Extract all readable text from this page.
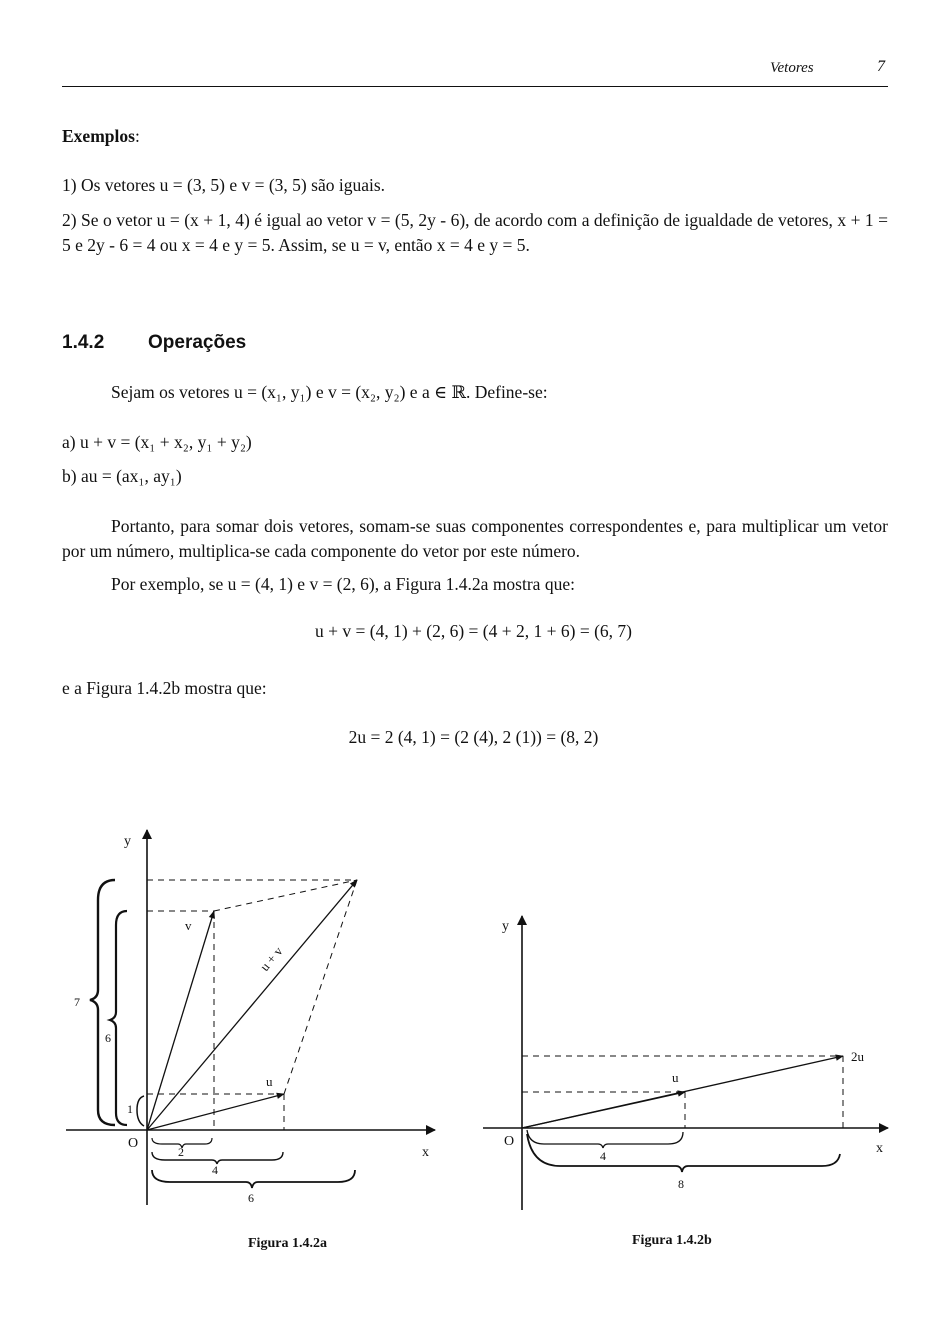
Vetores	7
Exemplos:
1) Os vetores u = (3, 5) e v = (3, 5) são iguais.
2) Se o vetor u = (x + 1, 4) é igual ao vetor v = (5, 2y - 6), de acordo com a definição de igualdade de vetores, x + 1 = 5 e 2y - 6 = 4 ou x = 4 e y = 5. Assim, se u = v, então x = 4 e y = 5.
1.4.2 Operações
Sejam os vetores u = (x₁, y₁) e v = (x₂, y₂) e a ∈ ℝ. Define-se:
a) u + v = (x₁ + x₂, y₁ + y₂)
b) au = (ax₁, ay₁)
Portanto, para somar dois vetores, somam-se suas componentes correspondentes e, para multiplicar um vetor por um número, multiplica-se cada componente do vetor por este número.
Por exemplo, se u = (4, 1) e v = (2, 6), a Figura 1.4.2a mostra que:
u + v = (4, 1) + (2, 6) = (4 + 2, 1 + 6) = (6, 7)
e a Figura 1.4.2b mostra que:
2u = 2 (4, 1) = (2 (4), 2 (1)) = (8, 2)
y
x
O
v
u
u + v
7
6
1
2
4
6
y
x
O
u
2u
4
8
Figura 1.4.2a	Figura 1.4.2b
